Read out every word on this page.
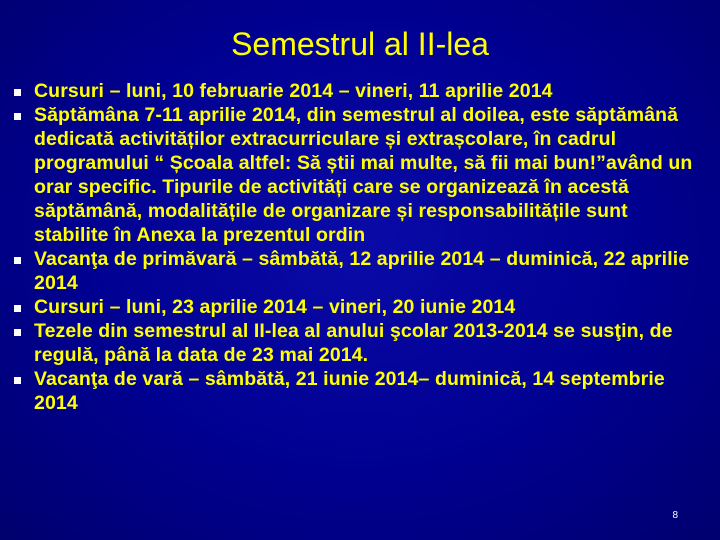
Semestrul al II-lea
Cursuri – luni, 10 februarie 2014 – vineri, 11 aprilie 2014
Săptămâna 7-11 aprilie 2014, din semestrul al doilea, este săptămână dedicată activităților extracurriculare și extrașcolare, în cadrul programului “ Școala altfel: Să știi mai multe, să fii mai bun!”având un orar specific. Tipurile de activități care se organizează în acestă săptămână, modalitățile de organizare și responsabilitățile sunt stabilite în Anexa la prezentul ordin
Vacanţa de primăvară – sâmbătă, 12 aprilie 2014 – duminică, 22 aprilie 2014
Cursuri – luni, 23 aprilie 2014 – vineri, 20 iunie 2014
Tezele din semestrul al II-lea al anului şcolar 2013-2014 se susţin, de regulă, până la data de 23 mai 2014.
Vacanţa de vară – sâmbătă, 21 iunie 2014– duminică, 14 septembrie 2014
8
